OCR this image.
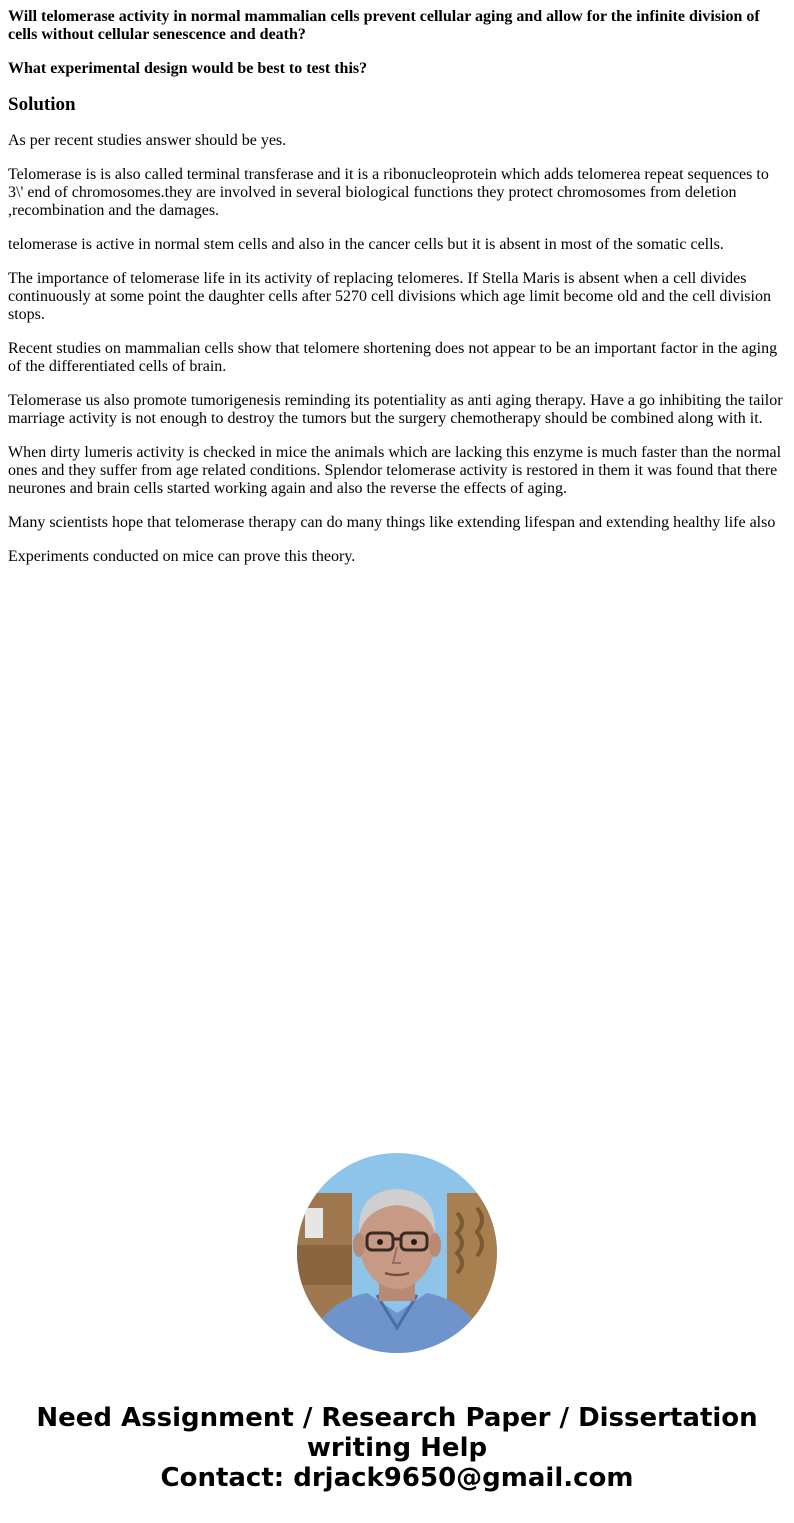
Will telomerase activity in normal mammalian cells prevent cellular aging and allow for the infinite division of cells without cellular senescence and death?

What experimental design would be best to test this?

Solution

As per recent studies answer should be yes.

Telomerase is is also called terminal transferase and it is a ribonucleoprotein which adds telomerea repeat sequences to 3\' end of chromosomes.they are involved in several biological functions they protect chromosomes from deletion ,recombination and the damages.

telomerase is active in normal stem cells and also in the cancer cells but it is absent in most of the somatic cells.

The importance of telomerase life in its activity of replacing telomeres. If Stella Maris is absent when a cell divides continuously at some point the daughter cells after 5270 cell divisions which age limit become old and the cell division stops.

Recent studies on mammalian cells show that telomere shortening does not appear to be an important factor in the aging of the differentiated cells of brain.

Telomerase us also promote tumorigenesis reminding its potentiality as anti aging therapy. Have a go inhibiting the tailor marriage activity is not enough to destroy the tumors but the surgery chemotherapy should be combined along with it.

When dirty lumeris activity is checked in mice the animals which are lacking this enzyme is much faster than the normal ones and they suffer from age related conditions. Splendor telomerase activity is restored in them it was found that there neurones and brain cells started working again and also the reverse the effects of aging.

Many scientists hope that telomerase therapy can do many things like extending lifespan and extending healthy life also

Experiments conducted on mice can prove this theory.

Need Assignment / Research Paper / Dissertation
writing Help
Contact: drjack9650@gmail.com
